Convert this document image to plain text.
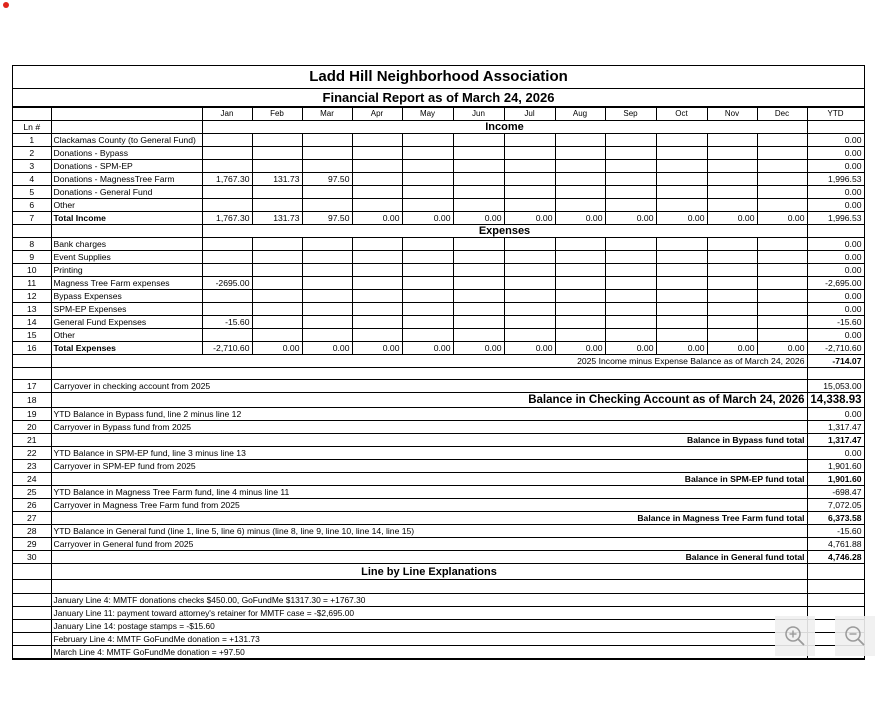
Ladd Hill Neighborhood Association
Financial Report as of March 24, 2026
		Jan	Feb	Mar	Apr	May	Jun	Jul	Aug	Sep	Oct	Nov	Dec	YTD
Ln #		Income												
1	Clackamas County (to General Fund)													0.00
2	Donations - Bypass													0.00
3	Donations - SPM-EP													0.00
4	Donations - MagnessTree Farm	1,767.30	131.73	97.50										1,996.53
5	Donations - General Fund													0.00
6	Other													0.00
7	Total Income	1,767.30	131.73	97.50	0.00	0.00	0.00	0.00	0.00	0.00	0.00	0.00	0.00	1,996.53
		Expenses												
8	Bank charges													0.00
9	Event Supplies													0.00
10	Printing													0.00
11	Magness Tree Farm expenses	-2695.00												-2,695.00
12	Bypass Expenses													0.00
13	SPM-EP Expenses													0.00
14	General Fund Expenses	-15.60												-15.60
15	Other													0.00
16	Total Expenses	-2,710.60	0.00	0.00	0.00	0.00	0.00	0.00	0.00	0.00	0.00	0.00	0.00	-2,710.60
	2025 Income minus Expense Balance as of March 24, 2026													-714.07

17	Carryover in checking account from 2025													15,053.00
18	Balance in Checking Account as of March 24, 2026													14,338.93
19	YTD Balance in Bypass fund, line 2 minus line 12													0.00
20	Carryover in Bypass fund from 2025													1,317.47
21	Balance in Bypass fund total													1,317.47
22	YTD Balance in SPM-EP fund, line 3 minus line 13													0.00
23	Carryover in SPM-EP fund from 2025													1,901.60
24	Balance in SPM-EP fund total													1,901.60
25	YTD Balance in Magness Tree Farm fund, line 4 minus line 11													-698.47
26	Carryover in Magness Tree Farm fund from 2025													7,072.05
27	Balance in Magness Tree Farm fund total													6,373.58
28	YTD Balance in General fund (line 1, line 5, line 6) minus (line 8, line 9, line 10, line 14, line 15)													-15.60
29	Carryover in General fund from 2025													4,761.88
30	Balance in General fund total													4,746.28
	Line by Line Explanations													

	January Line 4: MMTF donations checks $450.00, GoFundMe $1317.30 = +1767.30													
	January Line 11: payment toward attorney's retainer for MMTF case = -$2,695.00													
	January Line 14: postage stamps = -$15.60													
	February Line 4: MMTF GoFundMe donation = +131.73													
	March Line 4: MMTF GoFundMe donation = +97.50													
